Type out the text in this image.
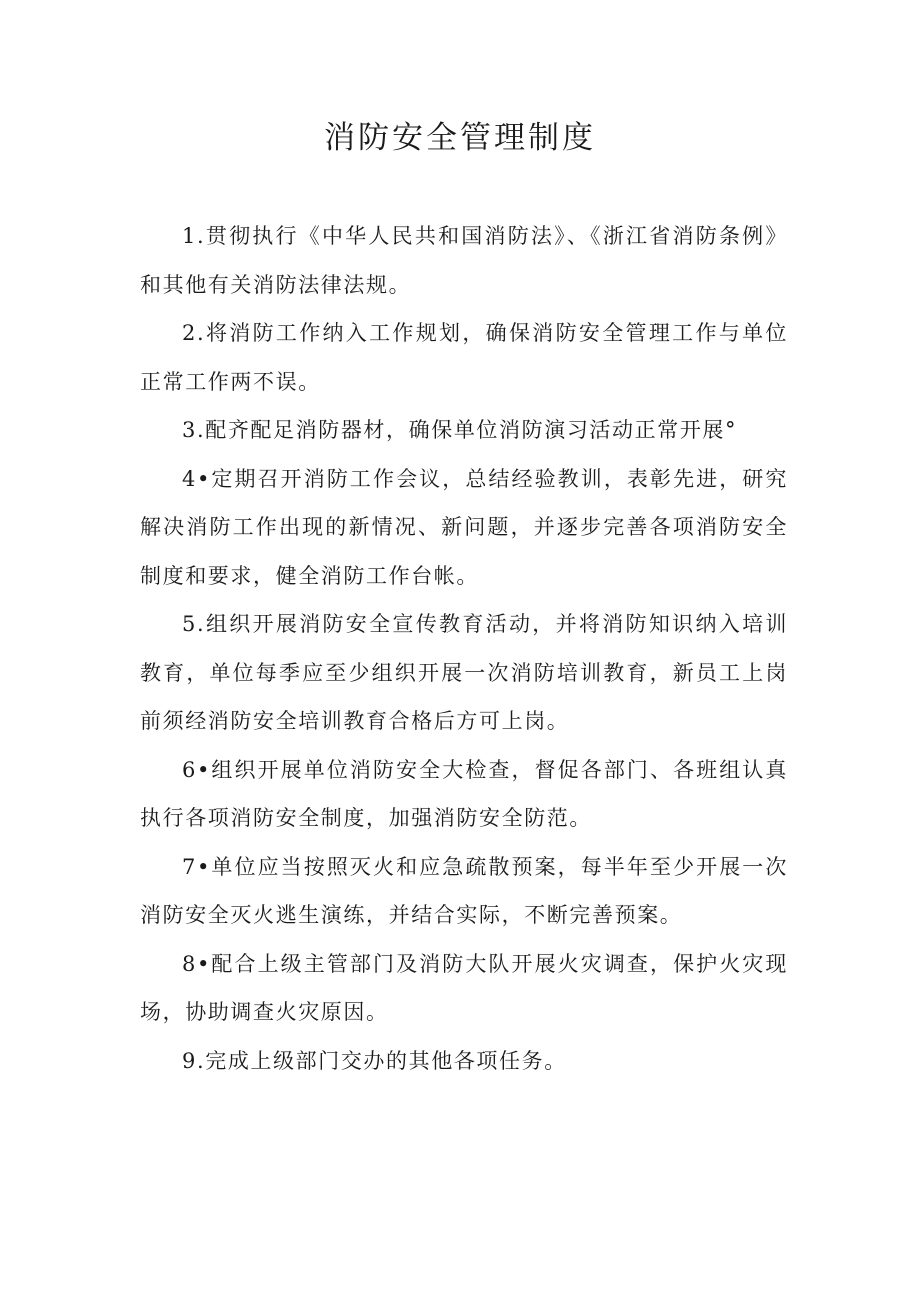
消防安全管理制度

1.贯彻执行《中华人民共和国消防法》、《浙江省消防条例》和其他有关消防法律法规。

2.将消防工作纳入工作规划，确保消防安全管理工作与单位正常工作两不误。

3.配齐配足消防器材，确保单位消防演习活动正常开展°

4•定期召开消防工作会议，总结经验教训，表彰先进，研究解决消防工作出现的新情况、新问题，并逐步完善各项消防安全制度和要求，健全消防工作台帐。

5.组织开展消防安全宣传教育活动，并将消防知识纳入培训教育，单位每季应至少组织开展一次消防培训教育，新员工上岗前须经消防安全培训教育合格后方可上岗。

6•组织开展单位消防安全大检查，督促各部门、各班组认真执行各项消防安全制度，加强消防安全防范。

7•单位应当按照灭火和应急疏散预案，每半年至少开展一次消防安全灭火逃生演练，并结合实际，不断完善预案。

8•配合上级主管部门及消防大队开展火灾调查，保护火灾现场，协助调查火灾原因。

9.完成上级部门交办的其他各项任务。
